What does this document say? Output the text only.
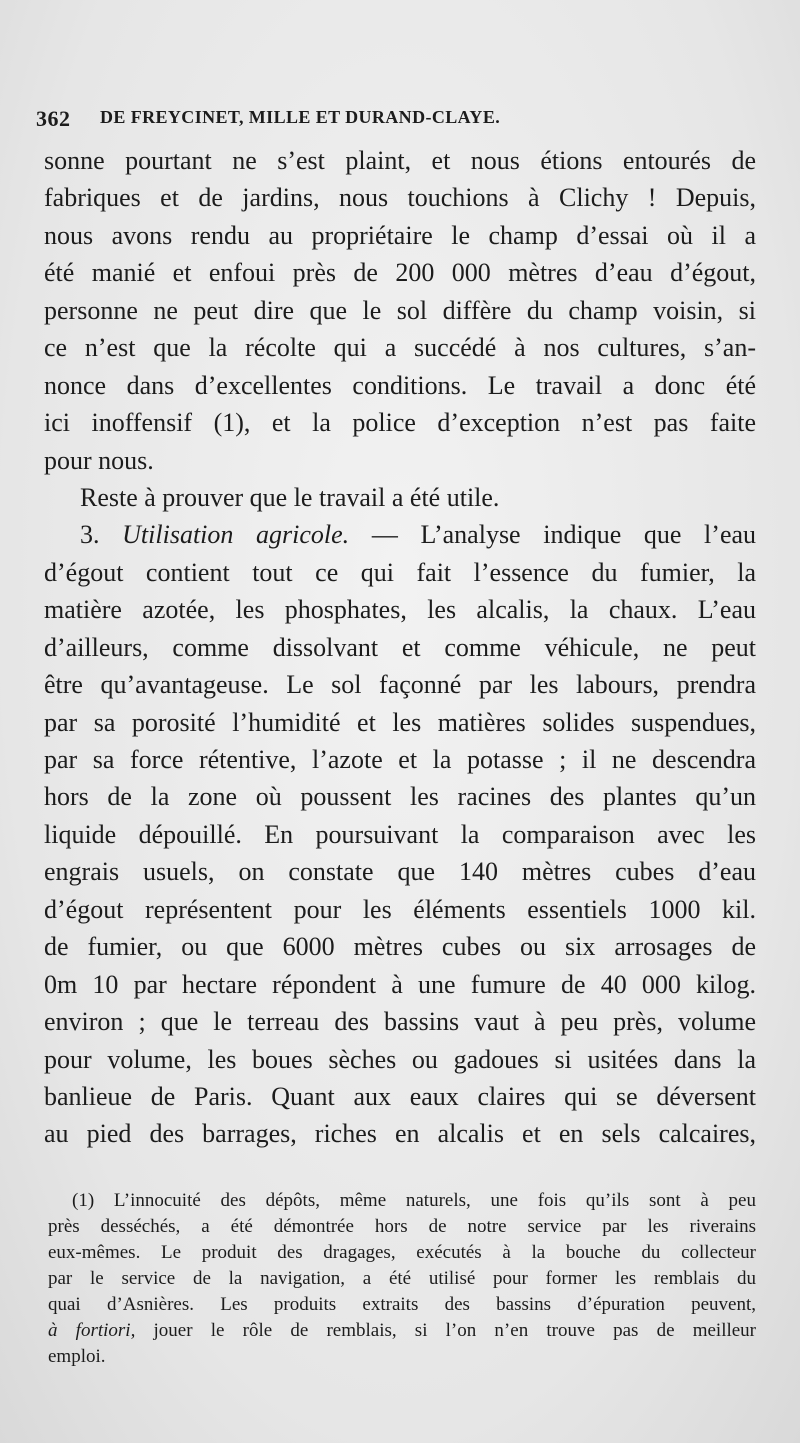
362 DE FREYCINET, MILLE ET DURAND-CLAYE.
sonne pourtant ne s’est plaint, et nous étions entourés de
fabriques et de jardins, nous touchions à Clichy ! Depuis,
nous avons rendu au propriétaire le champ d’essai où il a
été manié et enfoui près de 200 000 mètres d’eau d’égout,
personne ne peut dire que le sol diffère du champ voisin, si
ce n’est que la récolte qui a succédé à nos cultures, s’an-
nonce dans d’excellentes conditions. Le travail a donc été
ici inoffensif (1), et la police d’exception n’est pas faite
pour nous.
Reste à prouver que le travail a été utile.
3. Utilisation agricole. — L’analyse indique que l’eau
d’égout contient tout ce qui fait l’essence du fumier, la
matière azotée, les phosphates, les alcalis, la chaux. L’eau
d’ailleurs, comme dissolvant et comme véhicule, ne peut
être qu’avantageuse. Le sol façonné par les labours, prendra
par sa porosité l’humidité et les matières solides suspendues,
par sa force rétentive, l’azote et la potasse ; il ne descendra
hors de la zone où poussent les racines des plantes qu’un
liquide dépouillé. En poursuivant la comparaison avec les
engrais usuels, on constate que 140 mètres cubes d’eau
d’égout représentent pour les éléments essentiels 1000 kil.
de fumier, ou que 6000 mètres cubes ou six arrosages de
0m 10 par hectare répondent à une fumure de 40 000 kilog.
environ ; que le terreau des bassins vaut à peu près, volume
pour volume, les boues sèches ou gadoues si usitées dans la
banlieue de Paris. Quant aux eaux claires qui se déversent
au pied des barrages, riches en alcalis et en sels calcaires,
(1) L’innocuité des dépôts, même naturels, une fois qu’ils sont à peu
près desséchés, a été démontrée hors de notre service par les riverains
eux-mêmes. Le produit des dragages, exécutés à la bouche du collecteur
par le service de la navigation, a été utilisé pour former les remblais du
quai d’Asnières. Les produits extraits des bassins d’épuration peuvent,
à fortiori, jouer le rôle de remblais, si l’on n’en trouve pas de meilleur
emploi.
